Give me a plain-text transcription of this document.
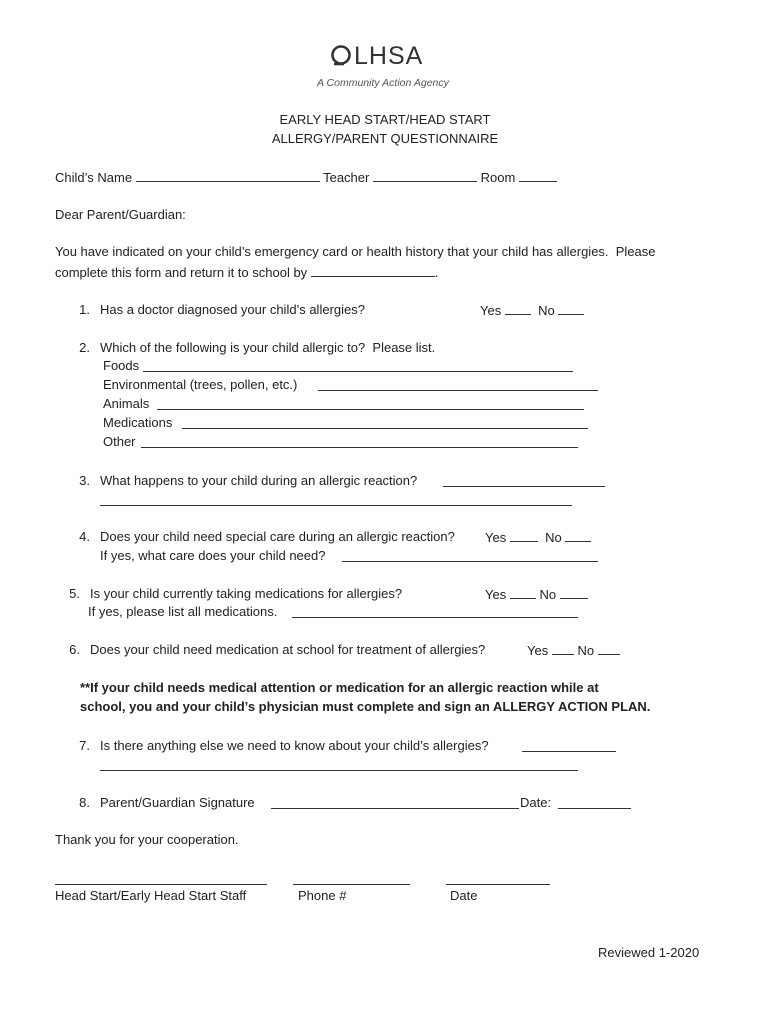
LHSA
A Community Action Agency
EARLY HEAD START/HEAD START
ALLERGY/PARENT QUESTIONNAIRE
Child’s Name	Teacher	Room
Dear Parent/Guardian:
You have indicated on your child’s emergency card or health history that your child has allergies.  Please
complete this form and return it to school by	.
1. Has a doctor diagnosed your child’s allergies?	Yes	No
2. Which of the following is your child allergic to?  Please list.
Foods
Environmental (trees, pollen, etc.)
Animals
Medications
Other
3. What happens to your child during an allergic reaction?
4. Does your child need special care during an allergic reaction? Yes	No
If yes, what care does your child need?
5. Is your child currently taking medications for allergies?	Yes	No
If yes, please list all medications.
6. Does your child need medication at school for treatment of allergies?	Yes No
**If your child needs medical attention or medication for an allergic reaction while at
school, you and your child’s physician must complete and sign an ALLERGY ACTION PLAN.
7. Is there anything else we need to know about your child’s allergies?
8. Parent/Guardian Signature	Date:
Thank you for your cooperation.
Head Start/Early Head Start Staff	Phone #	Date
Reviewed 1-2020
